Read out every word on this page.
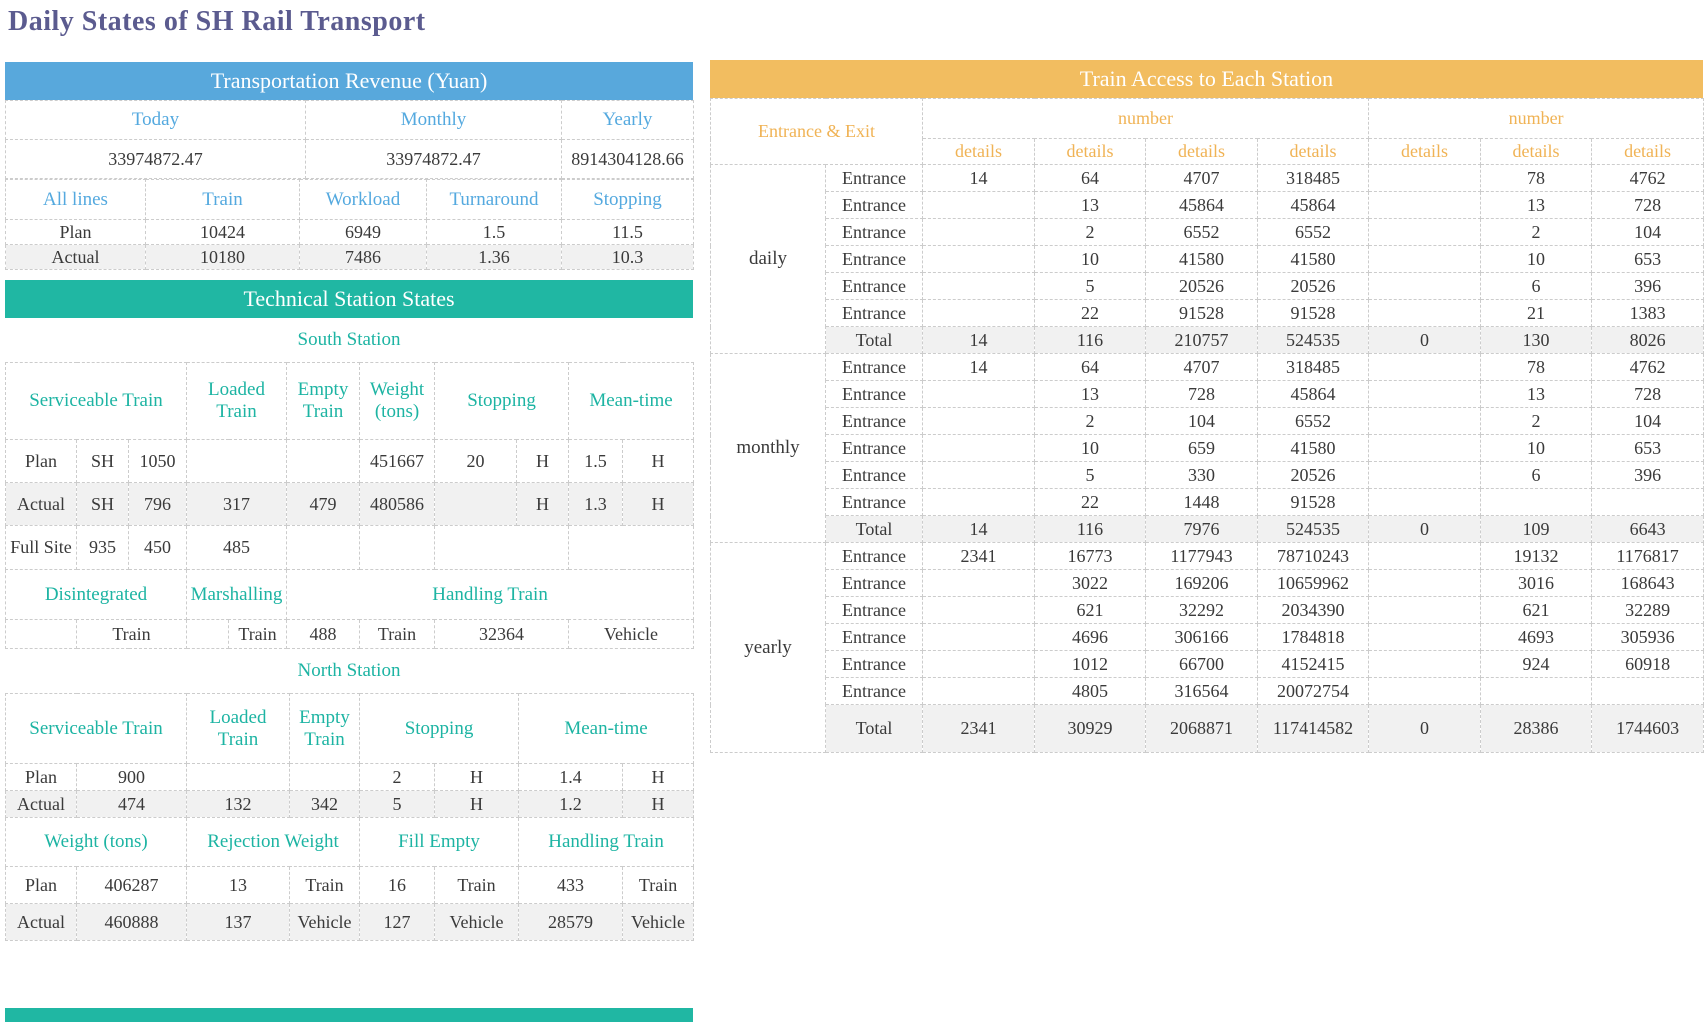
Daily States of SH Rail Transport
Transportation Revenue (Yuan)
Today	Monthly	Yearly
33974872.47	33974872.47	8914304128.66
All lines	Train	Workload	Turnaround	Stopping
Plan	10424	6949	1.5	11.5
Actual	10180	7486	1.36	10.3
Technical Station States
South Station
Serviceable Train			Loaded Train		Empty Train	Weight (tons)	Stopping		Mean-time	
Plan	SH	1050				451667	20	H	1.5	H
Actual	SH	796	317		479	480586		H	1.3	H
Full Site	935	450	485							
Disintegrated			Marshalling		Handling Train					
	Train			Train	488	Train	32364		Vehicle	
North Station
Serviceable Train		Loaded Train	Empty Train	Stopping		Mean-time	
Plan	900			2	H	1.4	H
Actual	474	132	342	5	H	1.2	H
Weight (tons)		Rejection Weight		Fill Empty		Handling Train	
Plan	406287	13	Train	16	Train	433	Train
Actual	460888	137	Vehicle	127	Vehicle	28579	Vehicle
Train Access to Each Station
Entrance & Exit		number				number		
		details	details	details	details	details	details	details
daily	Entrance	14	64	4707	318485		78	4762
	Entrance		13	45864	45864		13	728
	Entrance		2	6552	6552		2	104
	Entrance		10	41580	41580		10	653
	Entrance		5	20526	20526		6	396
	Entrance		22	91528	91528		21	1383
	Total	14	116	210757	524535	0	130	8026
monthly	Entrance	14	64	4707	318485		78	4762
	Entrance		13	728	45864		13	728
	Entrance		2	104	6552		2	104
	Entrance		10	659	41580		10	653
	Entrance		5	330	20526		6	396
	Entrance		22	1448	91528			
	Total	14	116	7976	524535	0	109	6643
yearly	Entrance	2341	16773	1177943	78710243		19132	1176817
	Entrance		3022	169206	10659962		3016	168643
	Entrance		621	32292	2034390		621	32289
	Entrance		4696	306166	1784818		4693	305936
	Entrance		1012	66700	4152415		924	60918
	Entrance		4805	316564	20072754			
	Total	2341	30929	2068871	117414582	0	28386	1744603
